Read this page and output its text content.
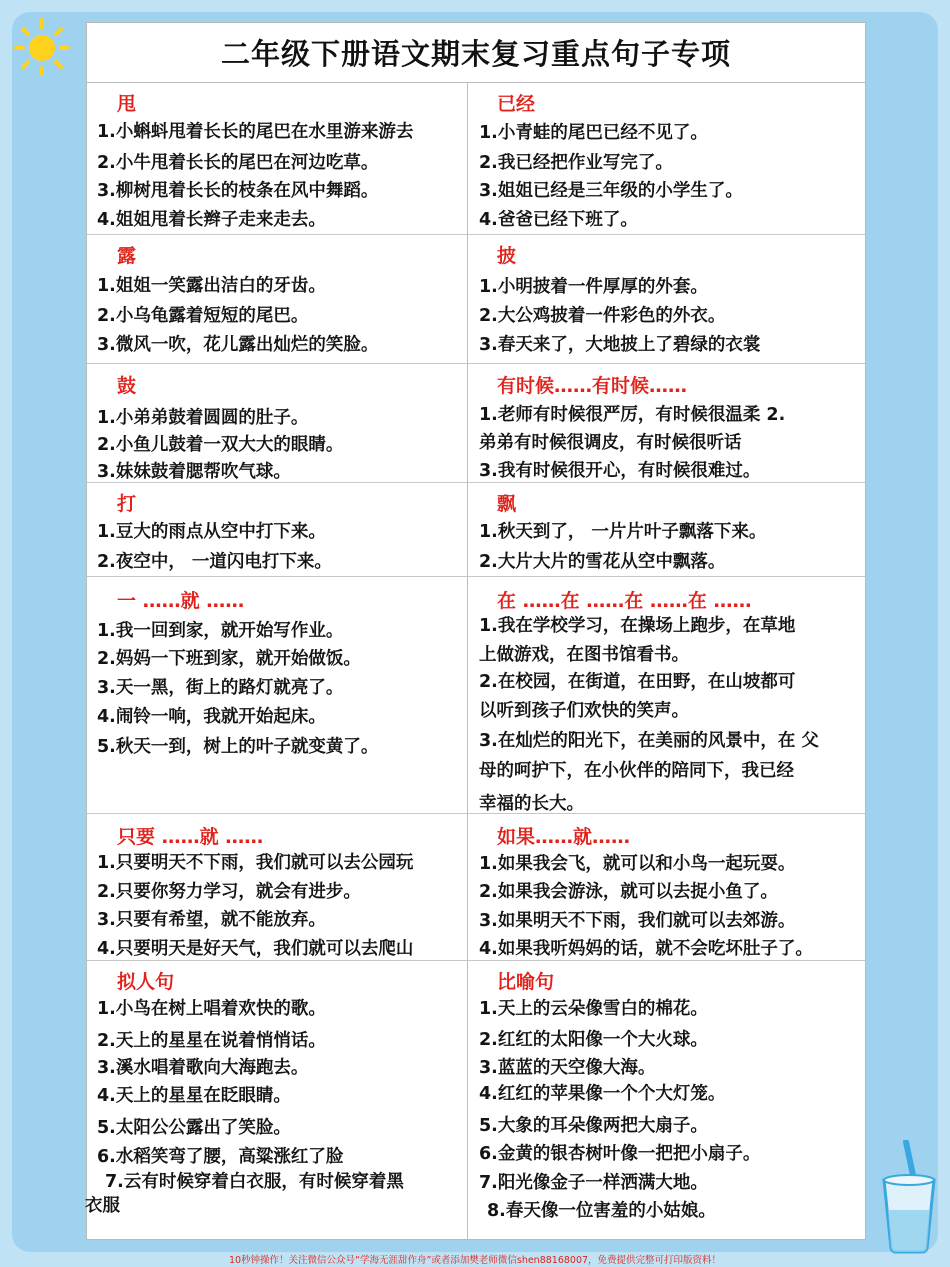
二年级下册语文期末复习重点句子专项
甩
1.小蝌蚪甩着长长的尾巴在水里游来游去
2.小牛甩着长长的尾巴在河边吃草。
3.柳树甩着长长的枝条在风中舞蹈。
4.姐姐甩着长辫子走来走去。
已经
1.小青蛙的尾巴已经不见了。
2.我已经把作业写完了。
3.姐姐已经是三年级的小学生了。
4.爸爸已经下班了。
露
1.姐姐一笑露出洁白的牙齿。
2.小乌龟露着短短的尾巴。
3.微风一吹，花儿露出灿烂的笑脸。
披
1.小明披着一件厚厚的外套。
2.大公鸡披着一件彩色的外衣。
3.春天来了，大地披上了碧绿的衣裳
鼓
1.小弟弟鼓着圆圆的肚子。
2.小鱼儿鼓着一双大大的眼睛。
3.妹妹鼓着腮帮吹气球。
有时候……有时候……
1.老师有时候很严厉，有时候很温柔 2.
弟弟有时候很调皮，有时候很听话
3.我有时候很开心，有时候很难过。
打
1.豆大的雨点从空中打下来。
2.夜空中， 一道闪电打下来。
飘
1.秋天到了， 一片片叶子飘落下来。
2.大片大片的雪花从空中飘落。
一 ……就 ……
1.我一回到家，就开始写作业。
2.妈妈一下班到家，就开始做饭。
3.天一黑，街上的路灯就亮了。
4.闹铃一响，我就开始起床。
5.秋天一到，树上的叶子就变黄了。
在 ……在 ……在 ……在 ……
1.我在学校学习，在操场上跑步，在草地
上做游戏，在图书馆看书。
2.在校园，在街道，在田野，在山坡都可
以听到孩子们欢快的笑声。
3.在灿烂的阳光下，在美丽的风景中，在 父
母的呵护下，在小伙伴的陪同下，我已经
幸福的长大。
只要 ……就 ……
1.只要明天不下雨，我们就可以去公园玩
2.只要你努力学习，就会有进步。
3.只要有希望，就不能放弃。
4.只要明天是好天气，我们就可以去爬山
如果……就……
1.如果我会飞，就可以和小鸟一起玩耍。
2.如果我会游泳，就可以去捉小鱼了。
3.如果明天不下雨，我们就可以去郊游。
4.如果我听妈妈的话，就不会吃坏肚子了。
拟人句
1.小鸟在树上唱着欢快的歌。
2.天上的星星在说着悄悄话。
3.溪水唱着歌向大海跑去。
4.天上的星星在眨眼睛。
5.太阳公公露出了笑脸。
6.水稻笑弯了腰，高粱涨红了脸
7.云有时候穿着白衣服，有时候穿着黑
衣服
比喻句
1.天上的云朵像雪白的棉花。
2.红红的太阳像一个大火球。
3.蓝蓝的天空像大海。
4.红红的苹果像一个个大灯笼。
5.大象的耳朵像两把大扇子。
6.金黄的银杏树叶像一把把小扇子。
7.阳光像金子一样洒满大地。
8.春天像一位害羞的小姑娘。
10秒钟操作！关注微信公众号“学海无涯甜作舟”或者添加樊老师微信shen88168007，免费提供完整可打印版资料！
